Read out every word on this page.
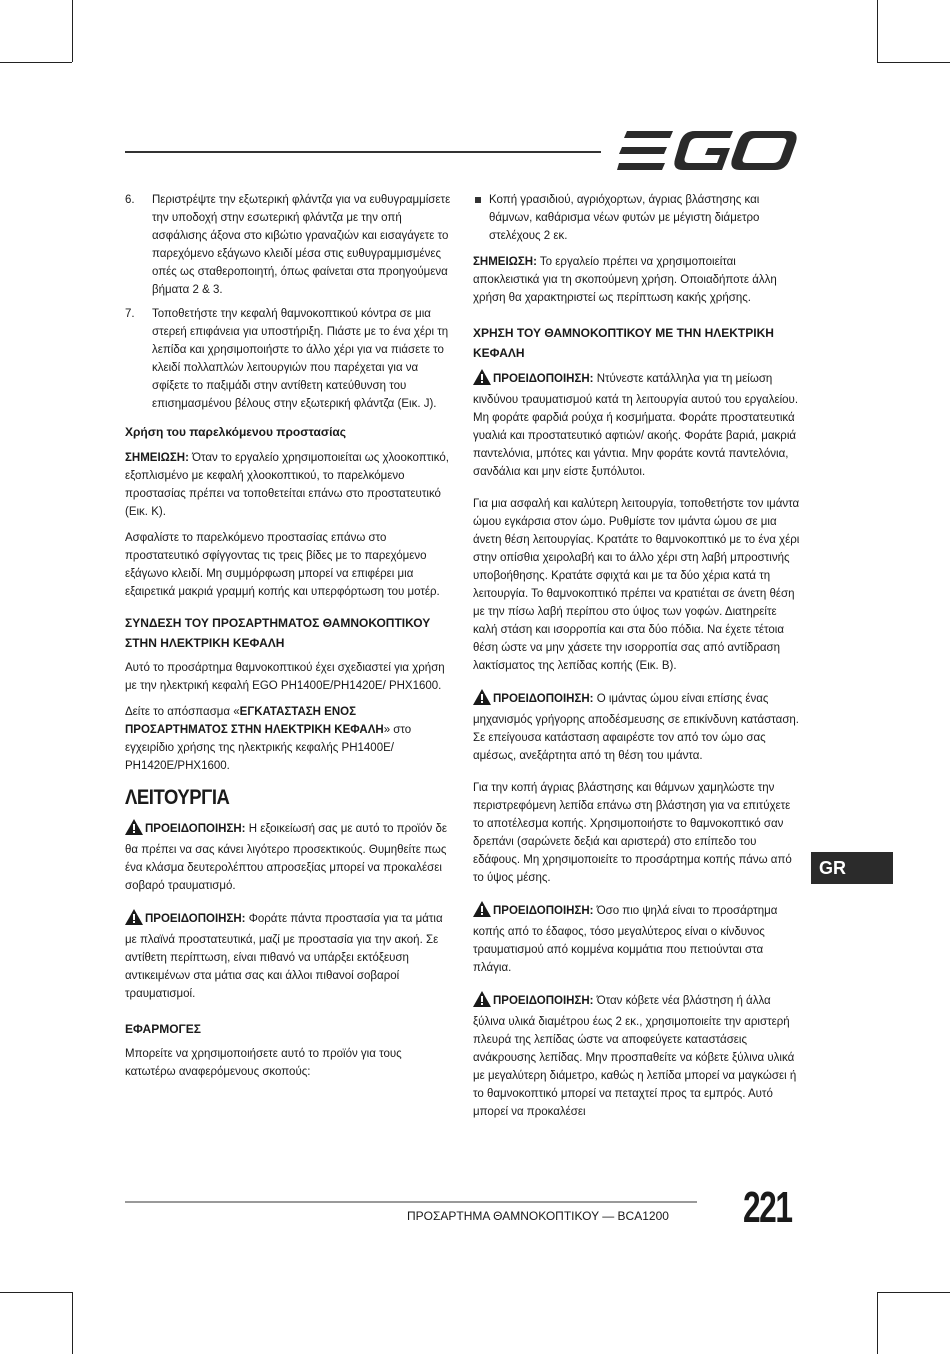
6. Περιστρέψτε την εξωτερική φλάντζα για να ευθυγραμμίσετε την υποδοχή στην εσωτερική φλάντζα με την οπή ασφάλισης άξονα στο κιβώτιο γραναζιών και εισαγάγετε το παρεχόμενο εξάγωνο κλειδί μέσα στις ευθυγραμμισμένες οπές ως σταθεροποιητή, όπως φαίνεται στα προηγούμενα βήματα 2 & 3.
7. Τοποθετήστε την κεφαλή θαμνοκοπτικού κόντρα σε μια στερεή επιφάνεια για υποστήριξη. Πιάστε με το ένα χέρι τη λεπίδα και χρησιμοποιήστε το άλλο χέρι για να πιάσετε το κλειδί πολλαπλών λειτουργιών που παρέχεται για να σφίξετε το παξιμάδι στην αντίθετη κατεύθυνση του επισημασμένου βέλους στην εξωτερική φλάντζα (Εικ. J).
Χρήση του παρελκόμενου προστασίας

ΣΗΜΕΙΩΣΗ: Όταν το εργαλείο χρησιμοποιείται ως χλοοκοπτικό, εξοπλισμένο με κεφαλή χλοοκοπτικού, το παρελκόμενο προστασίας πρέπει να τοποθετείται επάνω στο προστατευτικό (Εικ. K).

Ασφαλίστε το παρελκόμενο προστασίας επάνω στο προστατευτικό σφίγγοντας τις τρεις βίδες με το παρεχόμενο εξάγωνο κλειδί. Μη συμμόρφωση μπορεί να επιφέρει μια εξαιρετικά μακριά γραμμή κοπής και υπερφόρτωση του μοτέρ.

ΣΥΝΔΕΣΗ ΤΟΥ ΠΡΟΣΑΡΤΗΜΑΤΟΣ ΘΑΜΝΟΚΟΠΤΙΚΟΥ ΣΤΗΝ ΗΛΕΚΤΡΙΚΗ ΚΕΦΑΛΗ

Αυτό το προσάρτημα θαμνοκοπτικού έχει σχεδιαστεί για χρήση με την ηλεκτρική κεφαλή EGO PH1400E/PH1420E/ PHX1600.

Δείτε το απόσπασμα «ΕΓΚΑΤΑΣΤΑΣΗ ΕΝΟΣ ΠΡΟΣΑΡΤΗΜΑΤΟΣ ΣΤΗΝ ΗΛΕΚΤΡΙΚΗ ΚΕΦΑΛΗ» στο εγχειρίδιο χρήσης της ηλεκτρικής κεφαλής PH1400E/ PH1420E/PHX1600.

ΛΕΙΤΟΥΡΓΙΑ

ΠΡΟΕΙΔΟΠΟΙΗΣΗ: Η εξοικείωσή σας με αυτό το προϊόν δε θα πρέπει να σας κάνει λιγότερο προσεκτικούς. Θυμηθείτε πως ένα κλάσμα δευτερολέπτου απροσεξίας μπορεί να προκαλέσει σοβαρό τραυματισμό.

ΠΡΟΕΙΔΟΠΟΙΗΣΗ: Φοράτε πάντα προστασία για τα μάτια με πλαϊνά προστατευτικά, μαζί με προστασία για την ακοή. Σε αντίθετη περίπτωση, είναι πιθανό να υπάρξει εκτόξευση αντικειμένων στα μάτια σας και άλλοι πιθανοί σοβαροί τραυματισμοί.

ΕΦΑΡΜΟΓΕΣ

Μπορείτε να χρησιμοποιήσετε αυτό το προϊόν για τους κατωτέρω αναφερόμενους σκοπούς:

Κοπή γρασιδιού, αγριόχορτων, άγριας βλάστησης και θάμνων, καθάρισμα νέων φυτών με μέγιστη διάμετρο στελέχους 2 εκ.

ΣΗΜΕΙΩΣΗ: Το εργαλείο πρέπει να χρησιμοποιείται αποκλειστικά για τη σκοπούμενη χρήση. Οποιαδήποτε άλλη χρήση θα χαρακτηριστεί ως περίπτωση κακής χρήσης.

ΧΡΗΣΗ ΤΟΥ ΘΑΜΝΟΚΟΠΤΙΚΟΥ ΜΕ ΤΗΝ ΗΛΕΚΤΡΙΚΗ ΚΕΦΑΛΗ

ΠΡΟΕΙΔΟΠΟΙΗΣΗ: Ντύνεστε κατάλληλα για τη μείωση κινδύνου τραυματισμού κατά τη λειτουργία αυτού του εργαλείου. Μη φοράτε φαρδιά ρούχα ή κοσμήματα. Φοράτε προστατευτικά γυαλιά και προστατευτικό αφτιών/ ακοής. Φοράτε βαριά, μακριά παντελόνια, μπότες και γάντια. Μην φοράτε κοντά παντελόνια, σανδάλια και μην είστε ξυπόλυτοι.

Για μια ασφαλή και καλύτερη λειτουργία, τοποθετήστε τον ιμάντα ώμου εγκάρσια στον ώμο. Ρυθμίστε τον ιμάντα ώμου σε μια άνετη θέση λειτουργίας. Κρατάτε το θαμνοκοπτικό με το ένα χέρι στην οπίσθια χειρολαβή και το άλλο χέρι στη λαβή μπροστινής υποβοήθησης. Κρατάτε σφιχτά και με τα δύο χέρια κατά τη λειτουργία. Το θαμνοκοπτικό πρέπει να κρατιέται σε άνετη θέση με την πίσω λαβή περίπου στο ύψος των γοφών. Διατηρείτε καλή στάση και ισορροπία και στα δύο πόδια. Να έχετε τέτοια θέση ώστε να μην χάσετε την ισορροπία σας από αντίδραση λακτίσματος της λεπίδας κοπής (Εικ. B).

ΠΡΟΕΙΔΟΠΟΙΗΣΗ: Ο ιμάντας ώμου είναι επίσης ένας μηχανισμός γρήγορης αποδέσμευσης σε επικίνδυνη κατάσταση. Σε επείγουσα κατάσταση αφαιρέστε τον από τον ώμο σας αμέσως, ανεξάρτητα από τη θέση του ιμάντα.

Για την κοπή άγριας βλάστησης και θάμνων χαμηλώστε την περιστρεφόμενη λεπίδα επάνω στη βλάστηση για να επιτύχετε το αποτέλεσμα κοπής. Χρησιμοποιήστε το θαμνοκοπτικό σαν δρεπάνι (σαρώνετε δεξιά και αριστερά) στο επίπεδο του εδάφους. Μη χρησιμοποιείτε το προσάρτημα κοπής πάνω από το ύψος μέσης.

ΠΡΟΕΙΔΟΠΟΙΗΣΗ: Όσο πιο ψηλά είναι το προσάρτημα κοπής από το έδαφος, τόσο μεγαλύτερος είναι ο κίνδυνος τραυματισμού από κομμένα κομμάτια που πετιούνται στα πλάγια.

ΠΡΟΕΙΔΟΠΟΙΗΣΗ: Όταν κόβετε νέα βλάστηση ή άλλα ξύλινα υλικά διαμέτρου έως 2 εκ., χρησιμοποιείτε την αριστερή πλευρά της λεπίδας ώστε να αποφεύγετε καταστάσεις ανάκρουσης λεπίδας. Μην προσπαθείτε να κόβετε ξύλινα υλικά με μεγαλύτερη διάμετρο, καθώς η λεπίδα μπορεί να μαγκώσει ή το θαμνοκοπτικό μπορεί να πεταχτεί προς τα εμπρός. Αυτό μπορεί να προκαλέσει

GR
ΠΡΟΣΑΡΤΗΜΑ ΘΑΜΝΟΚΟΠΤΙΚΟΥ — BCA1200 221
